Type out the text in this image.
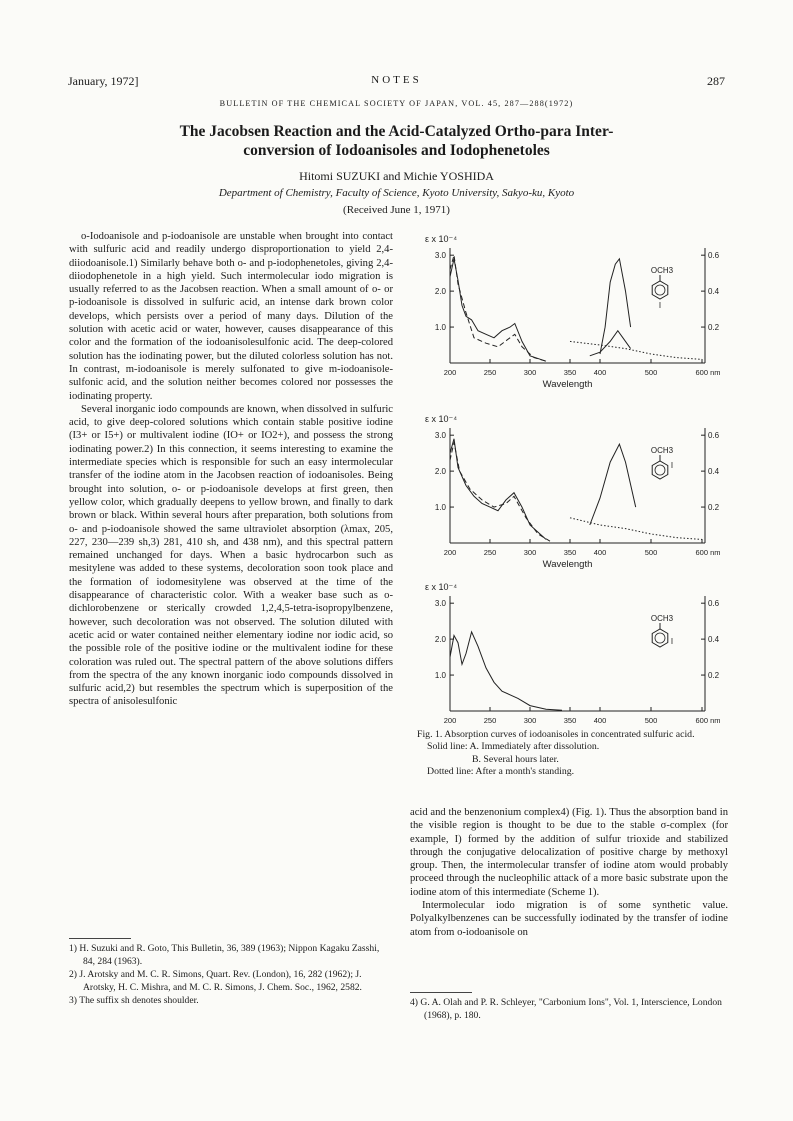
January, 1972]	NOTES	287
BULLETIN OF THE CHEMICAL SOCIETY OF JAPAN, VOL. 45, 287—288(1972)
The Jacobsen Reaction and the Acid-Catalyzed Ortho-para Inter-
conversion of Iodoanisoles and Iodophenetoles
Hitomi SUZUKI and Michie YOSHIDA
Department of Chemistry, Faculty of Science, Kyoto University, Sakyo-ku, Kyoto
(Received June 1, 1971)

o-Iodoanisole and p-iodoanisole are unstable when brought into contact with sulfuric acid and readily undergo disproportionation to yield 2,4-diiodoanisole.1) Similarly behave both o- and p-iodophenetoles, giving 2,4-diiodophenetole in a high yield. Such intermolecular iodo migration is usually referred to as the Jacobsen reaction. When a small amount of o- or p-iodoanisole is dissolved in sulfuric acid, an intense dark brown color develops, which persists over a period of many days. Dilution of the solution with acetic acid or water, however, causes disappearance of this color and the formation of the iodoanisolesulfonic acid. The deep-colored solution has the iodinating power, but the diluted colorless solution has not. In contrast, m-iodoanisole is merely sulfonated to give m-iodoanisole-sulfonic acid, and the solution neither becomes colored nor possesses the iodinating property.

Several inorganic iodo compounds are known, when dissolved in sulfuric acid, to give deep-colored solutions which contain stable positive iodine (I3+ or I5+) or multivalent iodine (IO+ or IO2+), and possess the strong iodinating power.2) In this connection, it seems interesting to examine the intermediate species which is responsible for such an easy intermolecular transfer of the iodine atom in the Jacobsen reaction of iodoanisoles. Being brought into solution, o- or p-iodoanisole develops at first green, then yellow color, which gradually deepens to yellow brown, and finally to dark brown or black. Within several hours after preparation, both solutions from o- and p-iodoanisole showed the same ultraviolet absorption (λmax, 205, 227, 230—239 sh,3) 281, 410 sh, and 438 nm), and this spectral pattern remained unchanged for days. When a basic hydrocarbon such as mesitylene was added to these systems, decoloration soon took place and the formation of iodomesitylene was observed at the time of the disappearance of characteristic color. With a weaker base such as o-dichlorobenzene or sterically crowded 1,2,4,5-tetra-isopropylbenzene, however, such decoloration was not observed. The solution diluted with acetic acid or water contained neither elementary iodine nor iodic acid, so the possible role of the positive iodine or the multivalent iodine for these coloration was ruled out. The spectral pattern of the above solutions differs from the spectra of the any known inorganic iodo compounds dissolved in sulfuric acid,2) but resembles the spectrum which is superposition of the spectra of anisolesulfonic

1) H. Suzuki and R. Goto, This Bulletin, 36, 389 (1963); Nippon Kagaku Zasshi, 84, 284 (1963).

2) J. Arotsky and M. C. R. Simons, Quart. Rev. (London), 16, 282 (1962); J. Arotsky, H. C. Mishra, and M. C. R. Simons, J. Chem. Soc., 1962, 2582.

3) The suffix sh denotes shoulder.

ε x 10⁻⁴
1.0
2.0
3.0
0.2
0.4
0.6
200	250	300	350 400	500	600 nm
Wavelength
OCH3
I
ε x 10⁻⁴
1.0
2.0
3.0
0.2
0.4
0.6
200	250	300	350 400	500	600 nm
Wavelength
OCH3
I
ε x 10⁻⁴
1.0
2.0
3.0
0.2
0.4
0.6
200	250	300	350 400	500	600 nm
OCH3
I

Fig. 1. Absorption curves of iodoanisoles in concentrated sulfuric acid.

Solid line: A. Immediately after dissolution.

B. Several hours later.

Dotted line: After a month's standing.

acid and the benzenonium complex4) (Fig. 1). Thus the absorption band in the visible region is thought to be due to the stable σ-complex (for example, I) formed by the addition of sulfur trioxide and stabilized through the conjugative delocalization of positive charge by methoxyl group. Then, the intermolecular transfer of iodine atom would probably proceed through the nucleophilic attack of a more basic substrate upon the iodine atom of this intermediate (Scheme 1).

Intermolecular iodo migration is of some synthetic value. Polyalkylbenzenes can be successfully iodinated by the transfer of iodine atom from o-iodoanisole on

4) G. A. Olah and P. R. Schleyer, "Carbonium Ions", Vol. 1, Interscience, London (1968), p. 180.
